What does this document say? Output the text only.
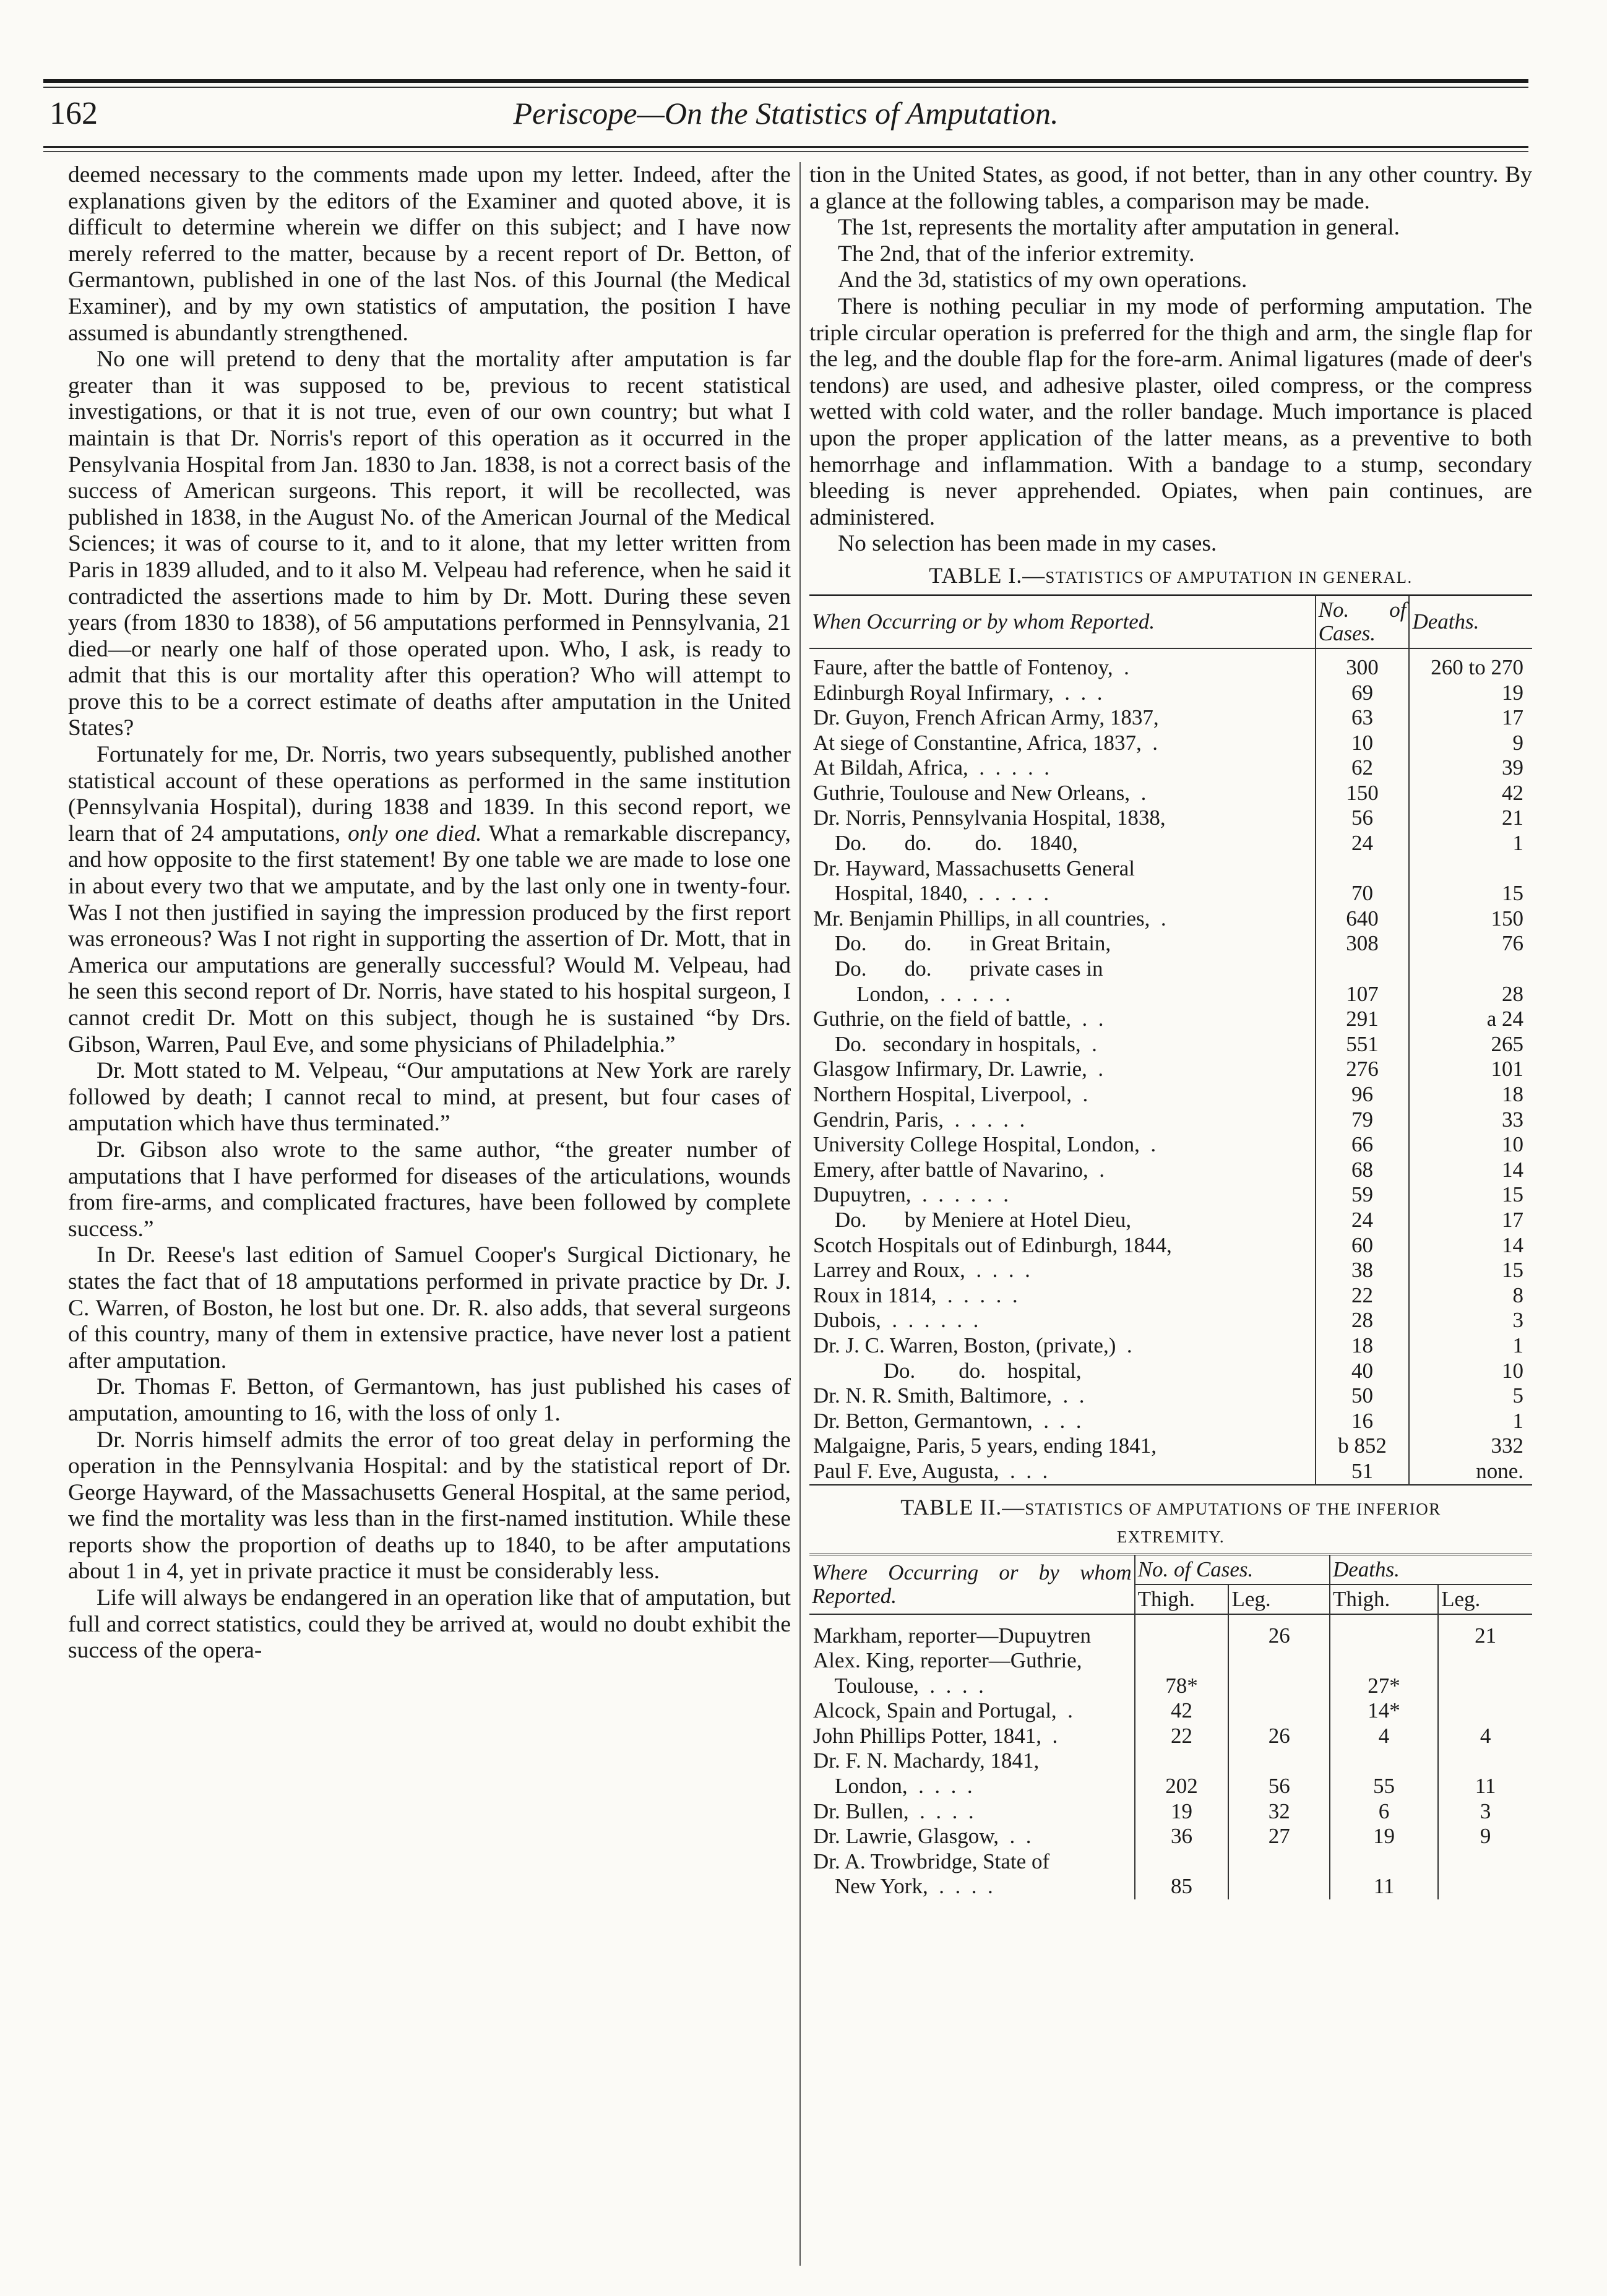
162	Periscope—On the Statistics of Amputation.

deemed necessary to the comments made upon my letter. Indeed, after the explanations given by the editors of the Examiner and quoted above, it is difficult to determine wherein we differ on this subject; and I have now merely referred to the matter, because by a recent report of Dr. Betton, of Germantown, published in one of the last Nos. of this Journal (the Medical Examiner), and by my own statistics of amputation, the position I have assumed is abundantly strengthened.

No one will pretend to deny that the mortality after amputation is far greater than it was supposed to be, previous to recent statistical investigations, or that it is not true, even of our own country; but what I maintain is that Dr. Norris's report of this operation as it occurred in the Pensylvania Hospital from Jan. 1830 to Jan. 1838, is not a correct basis of the success of American surgeons. This report, it will be recollected, was published in 1838, in the August No. of the American Journal of the Medical Sciences; it was of course to it, and to it alone, that my letter written from Paris in 1839 alluded, and to it also M. Velpeau had reference, when he said it contradicted the assertions made to him by Dr. Mott. During these seven years (from 1830 to 1838), of 56 amputations performed in Pennsylvania, 21 died—or nearly one half of those operated upon. Who, I ask, is ready to admit that this is our mortality after this operation? Who will attempt to prove this to be a correct estimate of deaths after amputation in the United States?

Fortunately for me, Dr. Norris, two years subsequently, published another statistical account of these operations as performed in the same institution (Pennsylvania Hospital), during 1838 and 1839. In this second report, we learn that of 24 amputations, only one died. What a remarkable discrepancy, and how opposite to the first statement! By one table we are made to lose one in about every two that we amputate, and by the last only one in twenty-four. Was I not then justified in saying the impression produced by the first report was erroneous? Was I not right in supporting the assertion of Dr. Mott, that in America our amputations are generally successful? Would M. Velpeau, had he seen this second report of Dr. Norris, have stated to his hospital surgeon, I cannot credit Dr. Mott on this subject, though he is sustained “by Drs. Gibson, Warren, Paul Eve, and some physicians of Philadelphia.”

Dr. Mott stated to M. Velpeau, “Our amputations at New York are rarely followed by death; I cannot recal to mind, at present, but four cases of amputation which have thus terminated.”

Dr. Gibson also wrote to the same author, “the greater number of amputations that I have performed for diseases of the articulations, wounds from fire-arms, and complicated fractures, have been followed by complete success.”

In Dr. Reese's last edition of Samuel Cooper's Surgical Dictionary, he states the fact that of 18 amputations performed in private practice by Dr. J. C. Warren, of Boston, he lost but one. Dr. R. also adds, that several surgeons of this country, many of them in extensive practice, have never lost a patient after amputation.

Dr. Thomas F. Betton, of Germantown, has just published his cases of amputation, amounting to 16, with the loss of only 1.

Dr. Norris himself admits the error of too great delay in performing the operation in the Pennsylvania Hospital: and by the statistical report of Dr. George Hayward, of the Massachusetts General Hospital, at the same period, we find the mortality was less than in the first-named institution. While these reports show the proportion of deaths up to 1840, to be after amputations about 1 in 4, yet in private practice it must be considerably less.

Life will always be endangered in an operation like that of amputation, but full and correct statistics, could they be arrived at, would no doubt exhibit the success of the opera-

tion in the United States, as good, if not better, than in any other country. By a glance at the following tables, a comparison may be made.

The 1st, represents the mortality after amputation in general.

The 2nd, that of the inferior extremity.

And the 3d, statistics of my own operations.

There is nothing peculiar in my mode of performing amputation. The triple circular operation is preferred for the thigh and arm, the single flap for the leg, and the double flap for the fore-arm. Animal ligatures (made of deer's tendons) are used, and adhesive plaster, oiled compress, or the compress wetted with cold water, and the roller bandage. Much importance is placed upon the proper application of the latter means, as a preventive to both hemorrhage and inflammation. With a bandage to a stump, secondary bleeding is never apprehended. Opiates, when pain continues, are administered.

No selection has been made in my cases.

TABLE I.—STATISTICS OF AMPUTATION IN GENERAL.
When Occurring or by whom Reported.	No. of Cases.	Deaths.
Faure, after the battle of Fontenoy,  .	300	260 to 270
Edinburgh Royal Infirmary,  .  .  .	69	19
Dr. Guyon, French African Army, 1837,	63	17
At siege of Constantine, Africa, 1837,  .	10	9
At Bildah, Africa,  .  .  .  .  .	62	39
Guthrie, Toulouse and New Orleans,  .	150	42
Dr. Norris, Pennsylvania Hospital, 1838,	56	21
Do.       do.        do.     1840,	24	1
Dr. Hayward, Massachusetts General		
Hospital, 1840,  .  .  .  .  .	70	15
Mr. Benjamin Phillips, in all countries,  .	640	150
Do.       do.       in Great Britain,	308	76
Do.       do.       private cases in		
London,  .  .  .  .  .	107	28
Guthrie, on the field of battle,  .  .	291	a 24
Do.   secondary in hospitals,  .	551	265
Glasgow Infirmary, Dr. Lawrie,  .	276	101
Northern Hospital, Liverpool,  .	96	18
Gendrin, Paris,  .  .  .  .  .	79	33
University College Hospital, London,  .	66	10
Emery, after battle of Navarino,  .	68	14
Dupuytren,  .  .  .  .  .  .	59	15
Do.       by Meniere at Hotel Dieu,	24	17
Scotch Hospitals out of Edinburgh, 1844,	60	14
Larrey and Roux,  .  .  .  .	38	15
Roux in 1814,  .  .  .  .  .	22	8
Dubois,  .  .  .  .  .  .	28	3
Dr. J. C. Warren, Boston, (private,)  .	18	1
Do.        do.    hospital,	40	10
Dr. N. R. Smith, Baltimore,  .  .	50	5
Dr. Betton, Germantown,  .  .  .	16	1
Malgaigne, Paris, 5 years, ending 1841,	b 852	332
Paul F. Eve, Augusta,  .  .  .	51	none.
TABLE II.—STATISTICS OF AMPUTATIONS OF THE INFERIOR
EXTREMITY.
Where Occurring or by whom Reported.	No. of Cases.		Deaths.	
	Thigh.	Leg.	Thigh.	Leg.
Markham, reporter—Dupuytren		26		21
Alex. King, reporter—Guthrie,				
Toulouse,  .  .  .  .	78*		27*	
Alcock, Spain and Portugal,  .	42		14*	
John Phillips Potter, 1841,  .	22	26	4	4
Dr. F. N. Machardy, 1841,				
London,  .  .  .  .	202	56	55	11
Dr. Bullen,  .  .  .  .	19	32	6	3
Dr. Lawrie, Glasgow,  .  .	36	27	19	9
Dr. A. Trowbridge, State of				
New York,  .  .  .  .	85		11	
